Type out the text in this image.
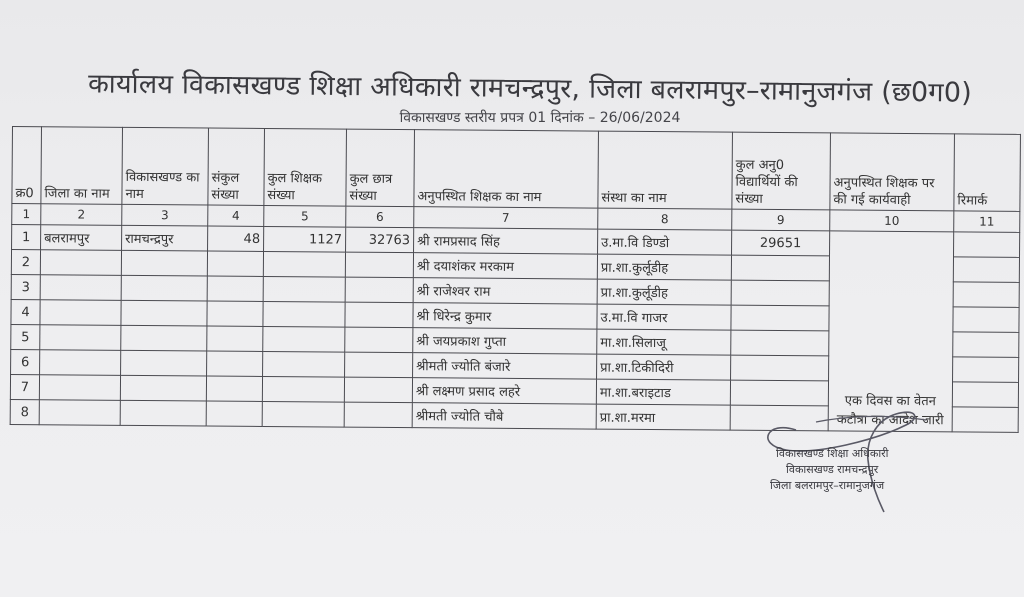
कार्यालय विकासखण्ड शिक्षा अधिकारी रामचन्द्रपुर, जिला बलरामपुर–रामानुजगंज (छ0ग0)
विकासखण्ड स्तरीय प्रपत्र 01 दिनांक – 26/06/2024
क्र0	जिला का नाम	विकासखण्ड का नाम	संकुल संख्या	कुल शिक्षक संख्या	कुल छात्र संख्या	अनुपस्थित शिक्षक का नाम	संस्था का नाम	कुल अनु0 विद्यार्थियों की संख्या	अनुपस्थित शिक्षक पर की गई कार्यवाही	रिमार्क
1	2	3	4	5	6	7	8	9	10	11
1	बलरामपुर	रामचन्द्रपुर	48	1127	32763	श्री रामप्रसाद सिंह	उ.मा.वि डिण्डो	29651	एक दिवस का वेतन कटौत्रा का आदेश जारी	
2						श्री दयाशंकर मरकाम	प्रा.शा.कुर्लूडीह			
3						श्री राजेश्वर राम	प्रा.शा.कुर्लूडीह			
4						श्री धिरेन्द्र कुमार	उ.मा.वि गाजर			
5						श्री जयप्रकाश गुप्ता	मा.शा.सिलाजू			
6						श्रीमती ज्योति बंजारे	प्रा.शा.टिकीदिरी			
7						श्री लक्ष्मण प्रसाद लहरे	मा.शा.बराइटाड			
8						श्रीमती ज्योति चौबे	प्रा.शा.मरमा			
विकासखण्ड शिक्षा अधिकारी
विकासखण्ड रामचन्द्रपुर
जिला बलरामपुर–रामानुजगंज
